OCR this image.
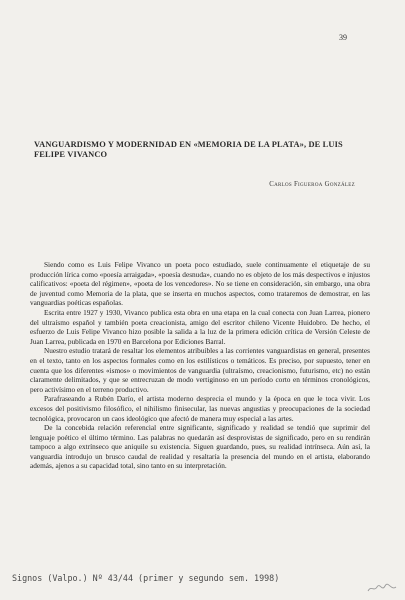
39
VANGUARDISMO Y MODERNIDAD EN «MEMORIA DE LA PLATA», DE LUIS FELIPE VIVANCO
Carlos Figueroa González

Siendo como es Luis Felipe Vivanco un poeta poco estudiado, suele continuamente el etiquetaje de su producción lírica como «poesía arraigada», «poesía desnuda», cuando no es objeto de los más despectivos e injustos calificativos: «poeta del régimen», «poeta de los vencedores». No se tiene en consideración, sin embargo, una obra de juventud como Memoria de la plata, que se inserta en muchos aspectos, como trataremos de demostrar, en las vanguardias poéticas españolas.

Escrita entre 1927 y 1930, Vivanco publica esta obra en una etapa en la cual conecta con Juan Larrea, pionero del ultraísmo español y también poeta creacionista, amigo del escritor chileno Vicente Huidobro. De hecho, el esfuerzo de Luis Felipe Vivanco hizo posible la salida a la luz de la primera edición crítica de Versión Celeste de Juan Larrea, publicada en 1970 en Barcelona por Ediciones Barral.

Nuestro estudio tratará de resaltar los elementos atribuibles a las corrientes vanguardistas en general, presentes en el texto, tanto en los aspectos formales como en los estilísticos o temáticos. Es preciso, por supuesto, tener en cuenta que los diferentes «ismos» o movimientos de vanguardia (ultraísmo, creacionismo, futurismo, etc) no están claramente delimitados, y que se entrecruzan de modo vertiginoso en un período corto en términos cronológicos, pero activísimo en el terreno productivo.

Parafraseando a Rubén Darío, el artista moderno desprecia el mundo y la época en que le toca vivir. Los excesos del positivismo filosófico, el nihilismo finisecular, las nuevas angustias y preocupaciones de la sociedad tecnológica, provocaron un caos ideológico que afectó de manera muy especial a las artes.

De la concebida relación referencial entre significante, significado y realidad se tendió que suprimir del lenguaje poético el último término. Las palabras no quedarán así desprovistas de significado, pero en su rendirán tampoco a algo extrínseco que aniquile su existencia. Siguen guardando, pues, su realidad intrínseca. Aún así, la vanguardia introdujo un brusco caudal de realidad y resaltaría la presencia del mundo en el artista, elaborando además, ajenos a su capacidad total, sino tanto en su interpretación.

Signos (Valpo.) Nº 43/44 (primer y segundo sem. 1998)
